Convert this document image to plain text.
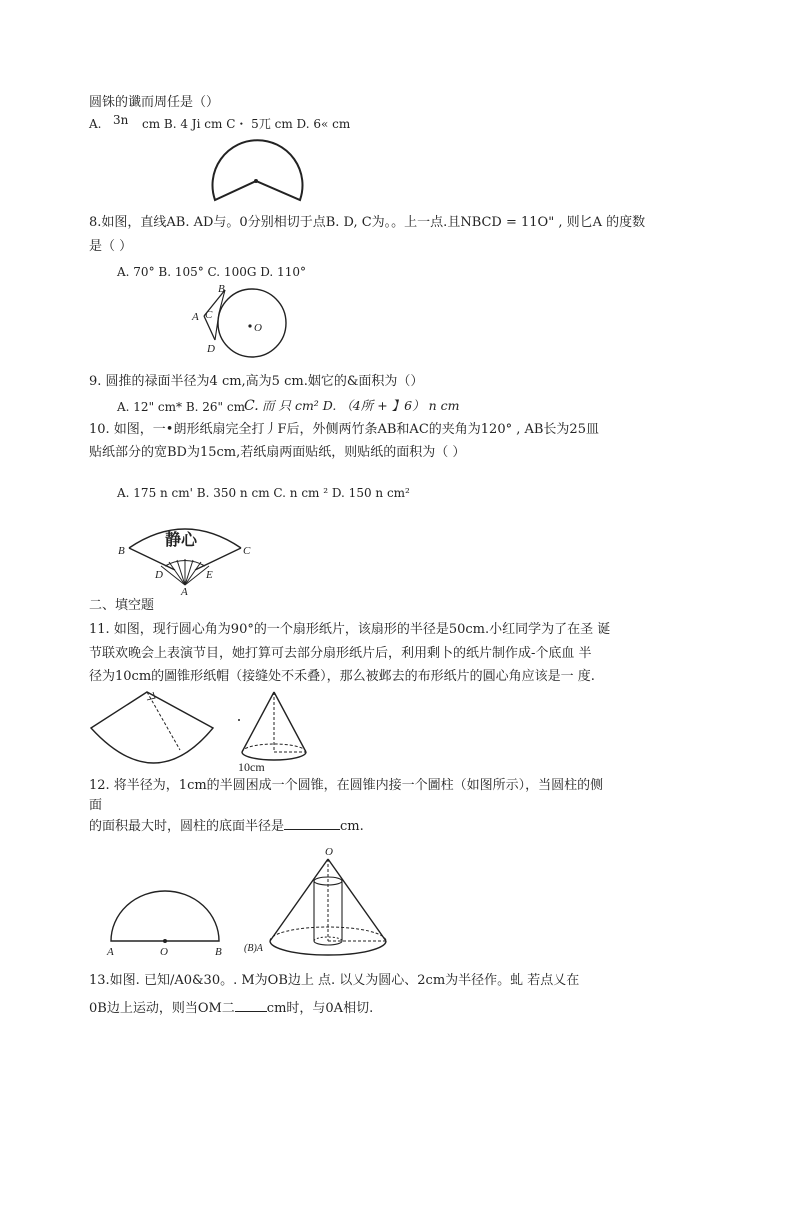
圆铢的谶而周任是（）
A. 3n cm B. 4 Ji cm C・ 5兀 cm D. 6« cm
8.如图，直线AB. AD与。0分别相切于点B. D, C为。。上一点.且NBCD = 11O" , 则匕A 的度数
是（ ）
A. 70° B. 105° C. 100G D. 110°
B
A C
D
O
9. 圆推的禄面半径为4 cm,高为5 cm.姻它的&面积为（）
A. 12" cm* B. 26" cm C. 而 只 cm² D. （4所 + 】6） n cm
10. 如图，一•朗形纸扇完全打丿F后，外侧两竹条AB和AC的夹角为120° , AB长为25皿
贴纸部分的宽BD为15cm,若纸扇两面贴纸，则贴纸的面积为（ ）
A. 175 n cm' B. 350 n cm C. n cm ² D. 150 n cm²
静心
B	C
D	E
A
二、填空题
11. 如图，现行圆心角为90°的一个扇形纸片，该扇形的半径是50cm.小红同学为了在圣 诞
节联欢晚会上表演节目，她打算可去部分扇形纸片后，利用剩卜的纸片制作成-个底血 半
径为10cm的圖锥形纸帽（接缝处不禾叠），那么被邺去的布形纸片的圓心角应该是一 度.
10cm
12. 将半径为，1cm的半圆困成一个圆锥，在圆锥内接一个圖柱（如图所示），当圆柱的侧
面
的面积最大时，圆柱的底面半径是	cm.
A	O	B
O
(B)A
13.如图. 已知/A0&30。. M为OB边上 点. 以乂为圆心、2cm为半径作。虬 若点乂在
0B边上运动，则当OM二 cm时，与0A相切.
